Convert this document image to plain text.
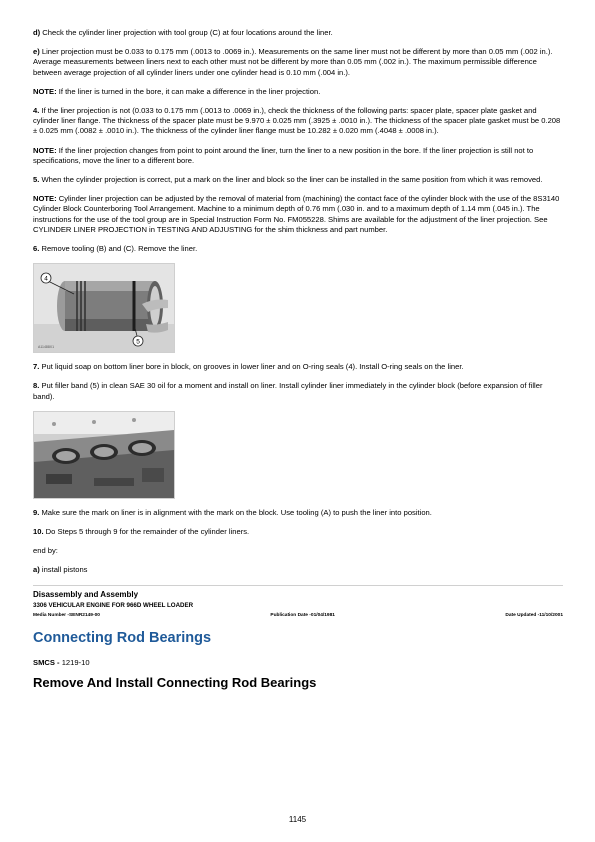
d) Check the cylinder liner projection with tool group (C) at four locations around the liner.

e) Liner projection must be 0.033 to 0.175 mm (.0013 to .0069 in.). Measurements on the same liner must not be different by more than 0.05 mm (.002 in.). Average measurements between liners next to each other must not be different by more than 0.05 mm (.002 in.). The maximum permissible difference between average projection of all cylinder liners under one cylinder head is 0.10 mm (.004 in.).

NOTE: If the liner is turned in the bore, it can make a difference in the liner projection.

4. If the liner projection is not (0.033 to 0.175 mm (.0013 to .0069 in.), check the thickness of the following parts: spacer plate, spacer plate gasket and cylinder liner flange. The thickness of the spacer plate must be 9.970 ± 0.025 mm (.3925 ± .0010 in.). The thickness of the spacer plate gasket must be 0.208 ± 0.025 mm (.0082 ± .0010 in.). The thickness of the cylinder liner flange must be 10.282 ± 0.020 mm (.4048 ± .0008 in.).

NOTE: If the liner projection changes from point to point around the liner, turn the liner to a new position in the bore. If the liner projection is still not to specifications, move the liner to a different bore.

5. When the cylinder projection is correct, put a mark on the liner and block so the liner can be installed in the same position from which it was removed.

NOTE: Cylinder liner projection can be adjusted by the removal of material from (machining) the contact face of the cylinder block with the use of the 8S3140 Cylinder Block Counterboring Tool Arrangement. Machine to a minimum depth of 0.76 mm (.030 in. and to a maximum depth of 1.14 mm (.045 in.). The instructions for the use of the tool group are in Special Instruction Form No. FM055228. Shims are available for the adjustment of the liner projection. See CYLINDER LINER PROJECTION in TESTING AND ADJUSTING for the shim thickness and part number.

6. Remove tooling (B) and (C). Remove the liner.

4
5
A11488X1

7. Put liquid soap on bottom liner bore in block, on grooves in lower liner and on O-ring seals (4). Install O-ring seals on the liner.

8. Put filler band (5) in clean SAE 30 oil for a moment and install on liner. Install cylinder liner immediately in the cylinder block (before expansion of filler band).

9. Make sure the mark on liner is in alignment with the mark on the block. Use tooling (A) to push the liner into position.

10. Do Steps 5 through 9 for the remainder of the cylinder liners.

end by:

a) install pistons

Disassembly and Assembly
3306 VEHICULAR ENGINE FOR 966D WHEEL LOADER
Media Number -SENR2149-00	Publication Date -01/04/1981	Date Updated -11/10/2001
Connecting Rod Bearings
SMCS - 1219-10
Remove And Install Connecting Rod Bearings
1145
